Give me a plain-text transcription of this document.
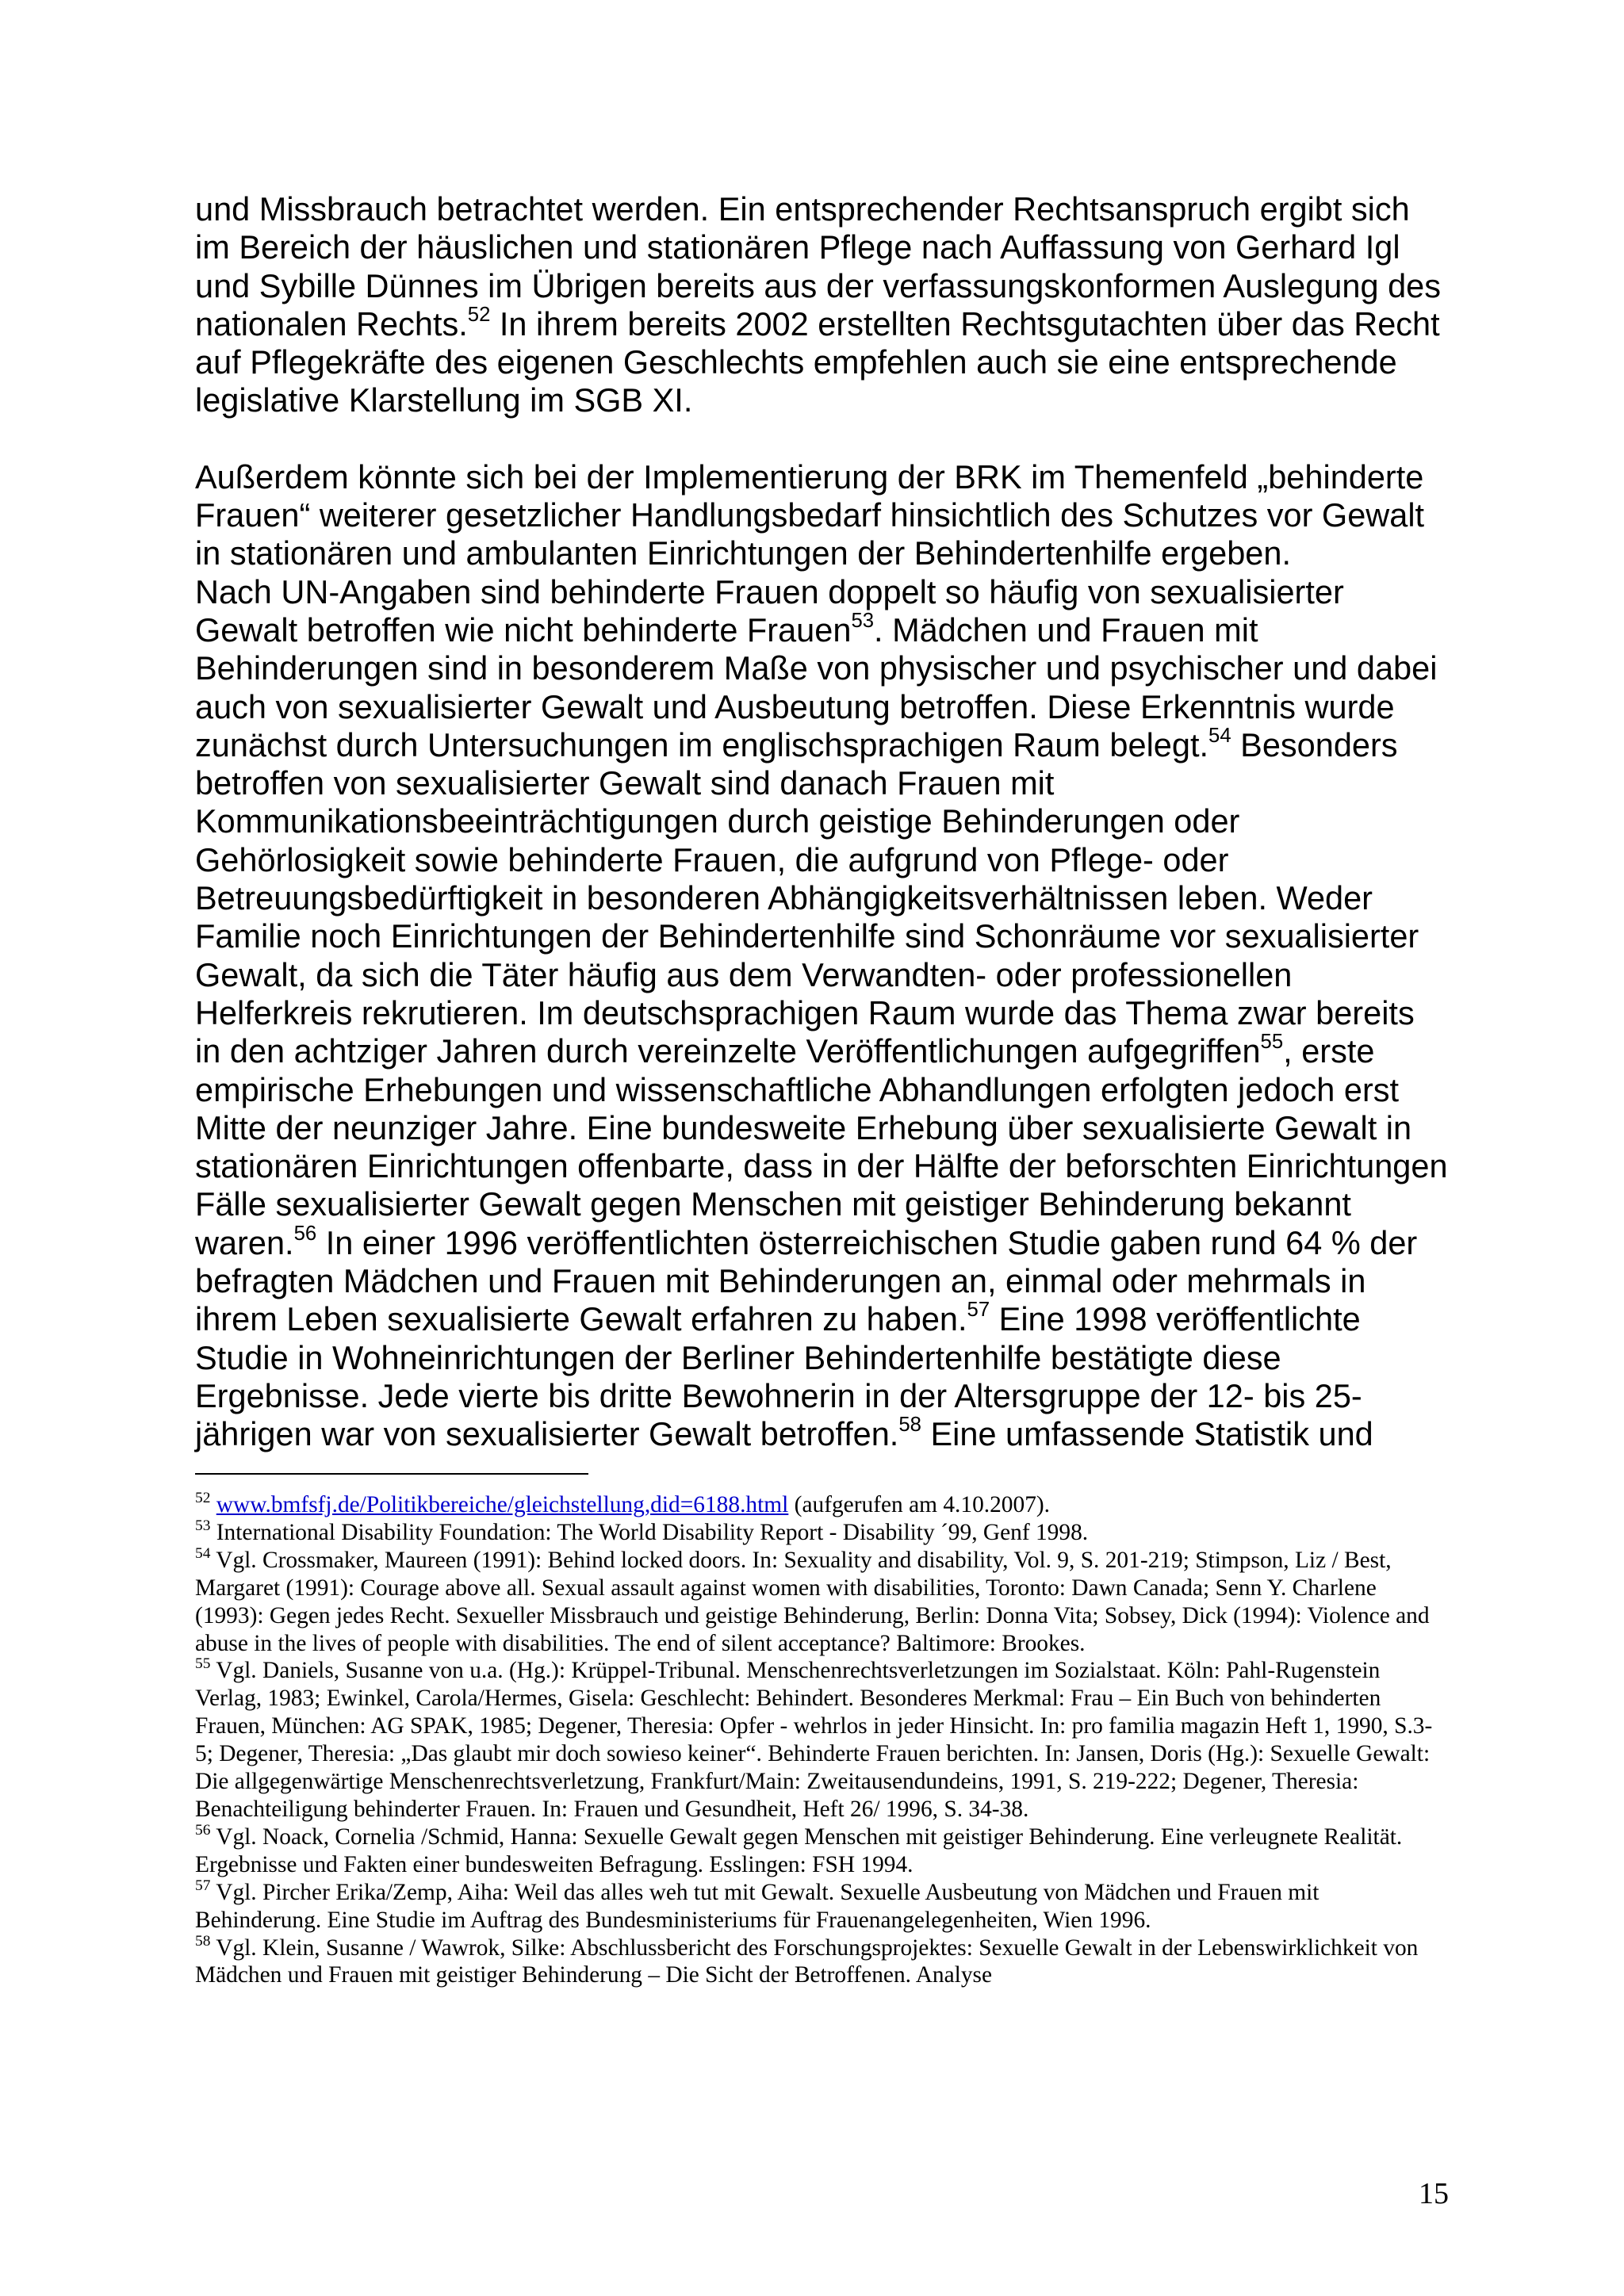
und Missbrauch betrachtet werden. Ein entsprechender Rechtsanspruch ergibt sich im Bereich der häuslichen und stationären Pflege nach Auffassung von Gerhard Igl und Sybille Dünnes im Übrigen bereits aus der verfassungskonformen Auslegung des nationalen Rechts.$^{52}$ In ihrem bereits 2002 erstellten Rechtsgutachten über das Recht auf Pflegekräfte des eigenen Geschlechts empfehlen auch sie eine entsprechende legislative Klarstellung im SGB XI.

Außerdem könnte sich bei der Implementierung der BRK im Themenfeld „behinderte Frauen“ weiterer gesetzlicher Handlungsbedarf hinsichtlich des Schutzes vor Gewalt in stationären und ambulanten Einrichtungen der Behindertenhilfe ergeben.
Nach UN-Angaben sind behinderte Frauen doppelt so häufig von sexualisierter Gewalt betroffen wie nicht behinderte Frauen$^{53}$. Mädchen und Frauen mit Behinderungen sind in besonderem Maße von physischer und psychischer und dabei auch von sexualisierter Gewalt und Ausbeutung betroffen. Diese Erkenntnis wurde zunächst durch Untersuchungen im englischsprachigen Raum belegt.$^{54}$ Besonders betroffen von sexualisierter Gewalt sind danach Frauen mit Kommunikationsbeeinträchtigungen durch geistige Behinderungen oder Gehörlosigkeit sowie behinderte Frauen, die aufgrund von Pflege- oder Betreuungsbedürftigkeit in besonderen Abhängigkeitsverhältnissen leben. Weder Familie noch Einrichtungen der Behindertenhilfe sind Schonräume vor sexualisierter Gewalt, da sich die Täter häufig aus dem Verwandten- oder professionellen Helferkreis rekrutieren. Im deutschsprachigen Raum wurde das Thema zwar bereits in den achtziger Jahren durch vereinzelte Veröffentlichungen aufgegriffen$^{55}$, erste empirische Erhebungen und wissenschaftliche Abhandlungen erfolgten jedoch erst Mitte der neunziger Jahre. Eine bundesweite Erhebung über sexualisierte Gewalt in stationären Einrichtungen offenbarte, dass in der Hälfte der beforschten Einrichtungen Fälle sexualisierter Gewalt gegen Menschen mit geistiger Behinderung bekannt waren.$^{56}$ In einer 1996 veröffentlichten österreichischen Studie gaben rund 64 % der befragten Mädchen und Frauen mit Behinderungen an, einmal oder mehrmals in ihrem Leben sexualisierte Gewalt erfahren zu haben.$^{57}$ Eine 1998 veröffentlichte Studie in Wohneinrichtungen der Berliner Behindertenhilfe bestätigte diese Ergebnisse. Jede vierte bis dritte Bewohnerin in der Altersgruppe der 12- bis 25-jährigen war von sexualisierter Gewalt betroffen.$^{58}$ Eine umfassende Statistik und

$^{52}$ www.bmfsfj.de/Politikbereiche/gleichstellung,did=6188.html (aufgerufen am 4.10.2007).
$^{53}$ International Disability Foundation: The World Disability Report - Disability ´99, Genf 1998.
$^{54}$ Vgl. Crossmaker, Maureen (1991): Behind locked doors. In: Sexuality and disability, Vol. 9, S. 201-219; Stimpson, Liz / Best, Margaret (1991): Courage above all. Sexual assault against women with disabilities, Toronto: Dawn Canada; Senn Y. Charlene (1993): Gegen jedes Recht. Sexueller Missbrauch und geistige Behinderung, Berlin: Donna Vita; Sobsey, Dick (1994): Violence and abuse in the lives of people with disabilities. The end of silent acceptance? Baltimore: Brookes.
$^{55}$ Vgl. Daniels, Susanne von u.a. (Hg.): Krüppel-Tribunal. Menschenrechtsverletzungen im Sozialstaat. Köln: Pahl-Rugenstein Verlag, 1983; Ewinkel, Carola/Hermes, Gisela: Geschlecht: Behindert. Besonderes Merkmal: Frau – Ein Buch von behinderten Frauen, München: AG SPAK, 1985; Degener, Theresia: Opfer - wehrlos in jeder Hinsicht. In: pro familia magazin Heft 1, 1990, S.3-5; Degener, Theresia: „Das glaubt mir doch sowieso keiner“. Behinderte Frauen berichten. In: Jansen, Doris (Hg.): Sexuelle Gewalt: Die allgegenwärtige Menschenrechtsverletzung, Frankfurt/Main: Zweitausendundeins, 1991, S. 219-222; Degener, Theresia: Benachteiligung behinderter Frauen. In: Frauen und Gesundheit, Heft 26/ 1996, S. 34-38.
$^{56}$ Vgl. Noack, Cornelia /Schmid, Hanna: Sexuelle Gewalt gegen Menschen mit geistiger Behinderung. Eine verleugnete Realität. Ergebnisse und Fakten einer bundesweiten Befragung. Esslingen: FSH 1994.
$^{57}$ Vgl. Pircher Erika/Zemp, Aiha: Weil das alles weh tut mit Gewalt. Sexuelle Ausbeutung von Mädchen und Frauen mit Behinderung. Eine Studie im Auftrag des Bundesministeriums für Frauenangelegenheiten, Wien 1996.
$^{58}$ Vgl. Klein, Susanne / Wawrok, Silke: Abschlussbericht des Forschungsprojektes: Sexuelle Gewalt in der Lebenswirklichkeit von Mädchen und Frauen mit geistiger Behinderung – Die Sicht der Betroffenen. Analyse
15
